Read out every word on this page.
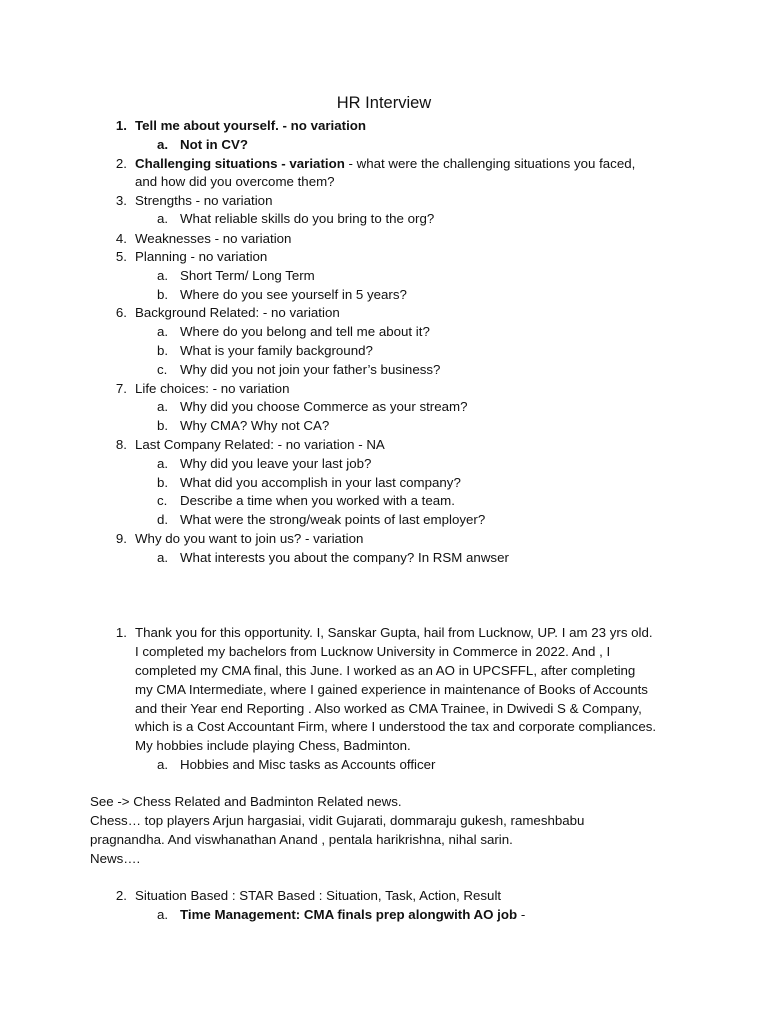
HR Interview
1. Tell me about yourself. - no variation
a. Not in CV?
2. Challenging situations - variation - what were the challenging situations you faced,
and how did you overcome them?
3. Strengths - no variation
a. What reliable skills do you bring to the org?
4. Weaknesses - no variation
5. Planning - no variation
a. Short Term/ Long Term
b. Where do you see yourself in 5 years?
6. Background Related: - no variation
a. Where do you belong and tell me about it?
b. What is your family background?
c. Why did you not join your father’s business?
7. Life choices: - no variation
a. Why did you choose Commerce as your stream?
b. Why CMA? Why not CA?
8. Last Company Related: - no variation - NA
a. Why did you leave your last job?
b. What did you accomplish in your last company?
c. Describe a time when you worked with a team.
d. What were the strong/weak points of last employer?
9. Why do you want to join us? - variation
a. What interests you about the company? In RSM anwser
1. Thank you for this opportunity. I, Sanskar Gupta, hail from Lucknow, UP. I am 23 yrs old.
I completed my bachelors from Lucknow University in Commerce in 2022. And , I
completed my CMA final, this June. I worked as an AO in UPCSFFL, after completing
my CMA Intermediate, where I gained experience in maintenance of Books of Accounts
and their Year end Reporting . Also worked as CMA Trainee, in Dwivedi S & Company,
which is a Cost Accountant Firm, where I understood the tax and corporate compliances.
My hobbies include playing Chess, Badminton.
a. Hobbies and Misc tasks as Accounts officer
See -> Chess Related and Badminton Related news.
Chess… top players Arjun hargasiai, vidit Gujarati, dommaraju gukesh, rameshbabu
pragnandha. And viswhanathan Anand , pentala harikrishna, nihal sarin.
News….
2. Situation Based : STAR Based : Situation, Task, Action, Result
a. Time Management: CMA finals prep alongwith AO job -
